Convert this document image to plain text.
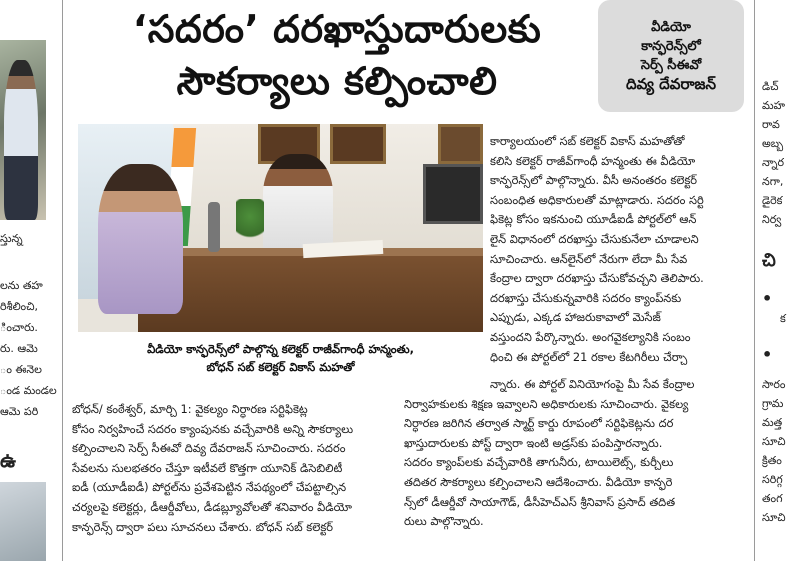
స్తున్న
లను తహ
రిశీలించి,
ించారు.
రు. ఆమె
ం ఈనెల
ండ మండల
ఆమె పరి
ఉ
‘సదరం’ దరఖాస్తుదారులకు
సౌకర్యాలు కల్పించాలి
వీడియో
కాన్ఫరెన్స్‌లో
సెర్ప్ సీఈవో
దివ్య దేవరాజన్
వీడియో కాన్ఫరెన్స్‌లో పాల్గొన్న కలెక్టర్ రాజీవ్‌గాంధీ హన్మంతు,
బోధన్ సబ్ కలెక్టర్ వికాస్ మహతో
బోధన్/ కంఠేశ్వర్, మార్చి 1: వైకల్యం నిర్ధారణ సర్టిఫికెట్ల
కోసం నిర్వహించే సదరం క్యాంపునకు వచ్చేవారికి అన్ని సౌకర్యాలు
కల్పించాలని సెర్ప్ సీఈవో దివ్య దేవరాజన్ సూచించారు. సదరం
సేవలను సులభతరం చేస్తూ ఇటీవలే కొత్తగా యూనిక్ డిసెబిలిటీ
ఐడీ (యూడీఐడీ) పోర్టల్‌ను ప్రవేశపెట్టిన నేపథ్యంలో చేపట్టాల్సిన
చర్యలపై కలెక్టర్లు, డీఆర్డీవోలు, డీడబ్ల్యూవోలతో శనివారం వీడియో
కాన్ఫరెన్స్ ద్వారా పలు సూచనలు చేశారు. బోధన్ సబ్ కలెక్టర్
కార్యాలయంలో సబ్ కలెక్టర్ వికాస్ మహతోతో
కలిసి కలెక్టర్ రాజీవ్‌గాంధీ హన్మంతు ఈ వీడియో
కాన్ఫరెన్స్‌లో పాల్గొన్నారు. వీసీ అనంతరం కలెక్టర్
సంబంధిత అధికారులతో మాట్లాడారు. సదరం సర్టి
ఫికెట్ల కోసం ఇకనుంచి యూడీఐడీ పోర్టల్‌లో ఆన్
లైన్ విధానంలో దరఖాస్తు చేసుకునేలా చూడాలని
సూచించారు. ఆన్‌లైన్‌లో నేరుగా లేదా మీ సేవ
కేంద్రాల ద్వారా దరఖాస్తు చేసుకోవచ్చని తెలిపారు.
దరఖాస్తు చేసుకున్నవారికి సదరం క్యాంప్‌నకు
ఎప్పుడు, ఎక్కడ హాజరుకావాలో మెసేజ్
వస్తుందని పేర్కొన్నారు. అంగవైకల్యానికి సంబం
ధించి ఈ పోర్టల్‌లో 21 రకాల కేటగిరీలు చేర్చా
న్నారు. ఈ పోర్టల్ వినియోగంపై మీ సేవ కేంద్రాల
నిర్వాహకులకు శిక్షణ ఇవ్వాలని అధికారులకు సూచించారు. వైకల్య
నిర్ధారణ జరిగిన తర్వాత స్మార్ట్ కార్డు రూపంలో సర్టిఫికెట్లను దర
ఖాస్తుదారులకు పోస్ట్ ద్వారా ఇంటి అడ్రస్‌కు పంపిస్తారన్నారు.
సదరం క్యాంప్‌లకు వచ్చేవారికి తాగునీరు, టాయిలెట్స్, కుర్చీలు
తదితర సౌకర్యాలు కల్పించాలని ఆదేశించారు. వీడియో కాన్ఫరె
న్స్‌లో డీఆర్డీవో సాయాగౌడ్, డీసీహెచ్ఎస్ శ్రీనివాస్ ప్రసాద్ తదిత
రులు పాల్గొన్నారు.
డిచ్
మహ
రావ
అబ్బ
న్నార
నగా,
డైరెక
నిర్వ
చి
•
క
•
సారం
గ్రామ
మత్త
సూచి
క్రితం
సరిగ్గ
తంగ
సూచి
